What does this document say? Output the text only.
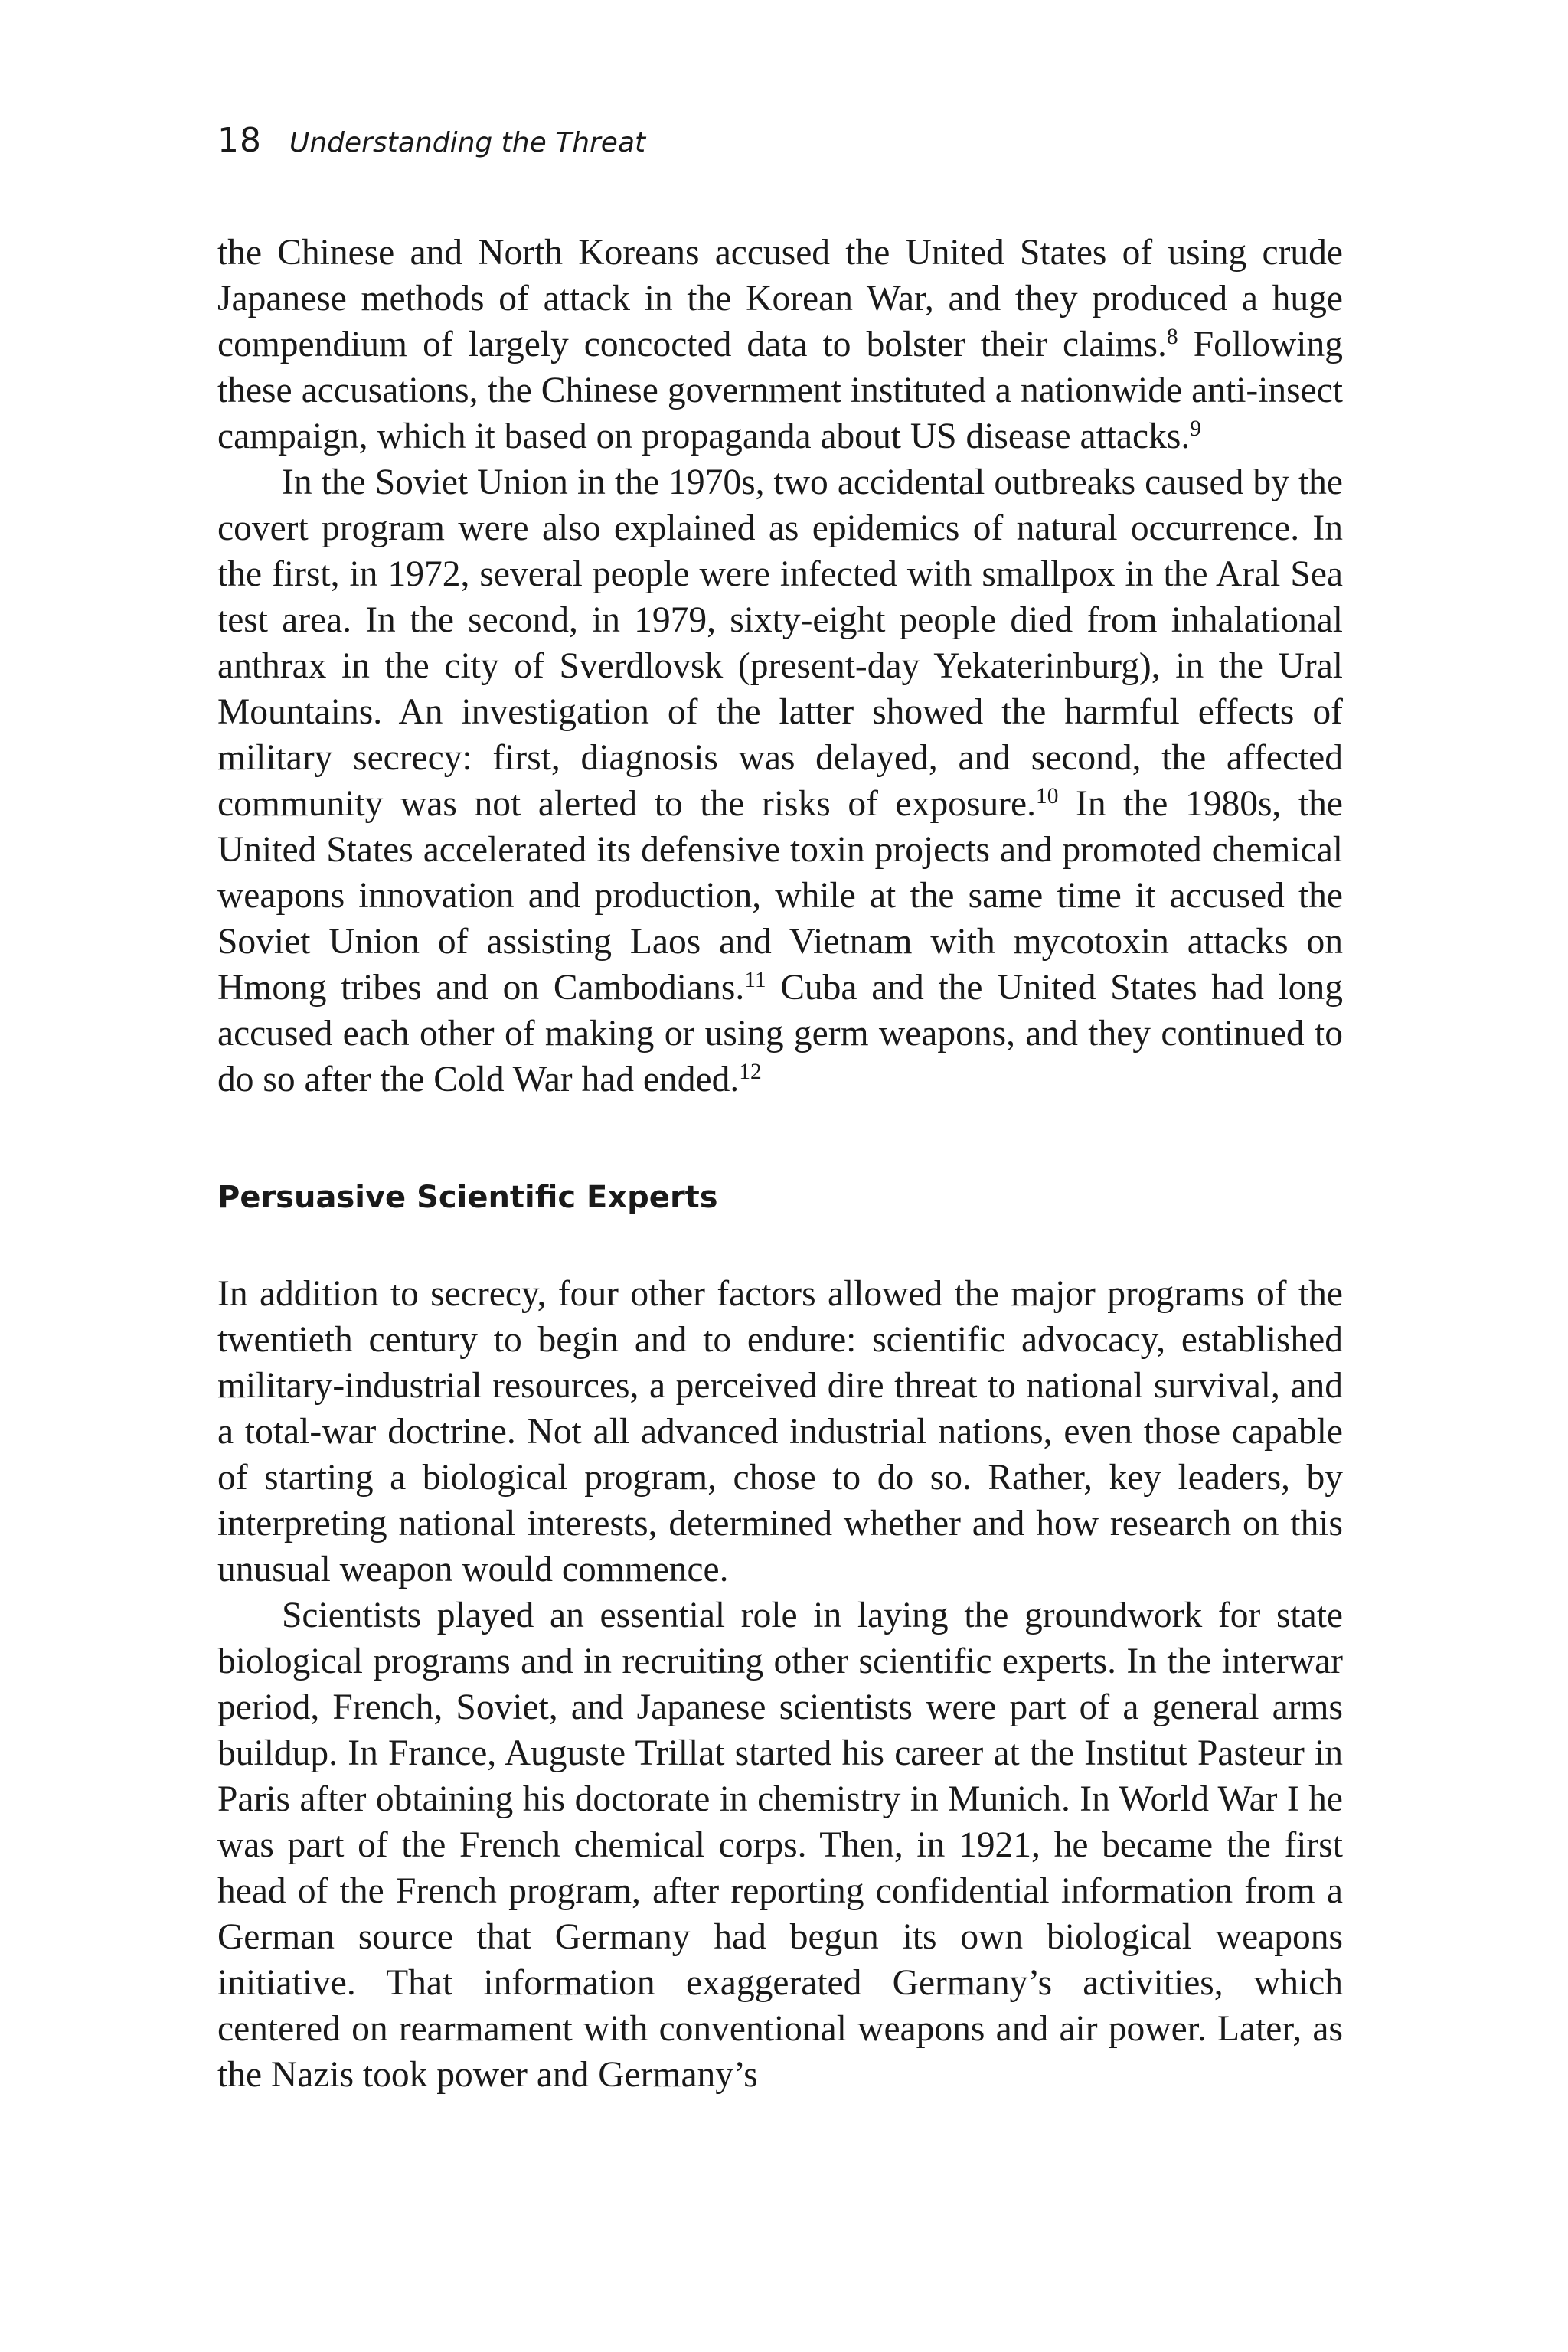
18 Understanding the Threat

the Chinese and North Koreans accused the United States of using crude Japanese methods of attack in the Korean War, and they produced a huge compendium of largely concocted data to bolster their claims.$^8$ Following these accusations, the Chinese government instituted a nationwide anti-insect campaign, which it based on propaganda about US disease attacks.$^9$

In the Soviet Union in the 1970s, two accidental outbreaks caused by the covert program were also explained as epidemics of natural occurrence. In the first, in 1972, several people were infected with smallpox in the Aral Sea test area. In the second, in 1979, sixty-eight people died from inhalational anthrax in the city of Sverdlovsk (present-day Yekaterinburg), in the Ural Mountains. An investigation of the latter showed the harmful effects of military secrecy: first, diagnosis was delayed, and second, the affected community was not alerted to the risks of exposure.$^{10}$ In the 1980s, the United States accelerated its defensive toxin projects and promoted chemical weapons innovation and production, while at the same time it accused the Soviet Union of assisting Laos and Vietnam with mycotoxin attacks on Hmong tribes and on Cambodians.$^{11}$ Cuba and the United States had long accused each other of making or using germ weapons, and they continued to do so after the Cold War had ended.$^{12}$

Persuasive Scientific Experts

In addition to secrecy, four other factors allowed the major programs of the twentieth century to begin and to endure: scientific advocacy, established military-industrial resources, a perceived dire threat to national survival, and a total-war doctrine. Not all advanced industrial nations, even those capable of starting a biological program, chose to do so. Rather, key leaders, by interpreting national interests, determined whether and how research on this unusual weapon would commence.

Scientists played an essential role in laying the groundwork for state biological programs and in recruiting other scientific experts. In the interwar period, French, Soviet, and Japanese scientists were part of a general arms buildup. In France, Auguste Trillat started his career at the Institut Pasteur in Paris after obtaining his doctorate in chemistry in Munich. In World War I he was part of the French chemical corps. Then, in 1921, he became the first head of the French program, after reporting confidential information from a German source that Germany had begun its own biological weapons initiative. That information exaggerated Germany’s activities, which centered on rearmament with conventional weapons and air power. Later, as the Nazis took power and Germany’s
